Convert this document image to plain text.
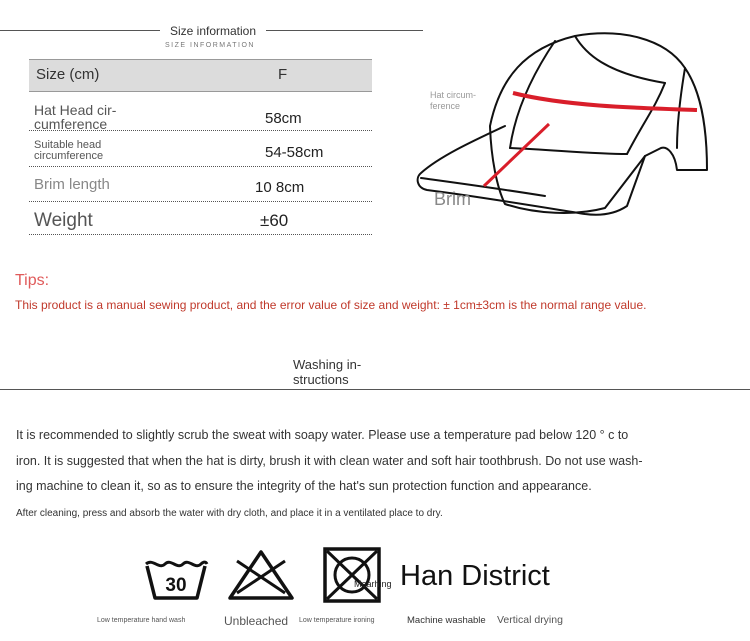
Size information
SIZE INFORMATION
Size (cm)	F
Hat Head cir-
cumference	58cm
Suitable head
circumference	54-58cm
Brim length	10 8cm
Weight	±60
Hat circum-
ference
Brim
Tips:
This product is a manual sewing product, and the error value of size and weight: ± 1cm±3cm is the normal range value.
Washing in-
structions
It is recommended to slightly scrub the sweat with soapy water. Please use a temperature pad below 120 ° c to
iron. It is suggested that when the hat is dirty, brush it with clean water and soft hair toothbrush. Do not use wash-
ing machine to clean it, so as to ensure the integrity of the hat's sun protection function and appearance.
After cleaning, press and absorb the water with dry cloth, and place it in a ventilated place to dry.
30	Mearhing Han District
Low temperature hand wash	Unbleached Low temperature ironing	Machine washable Vertical drying
